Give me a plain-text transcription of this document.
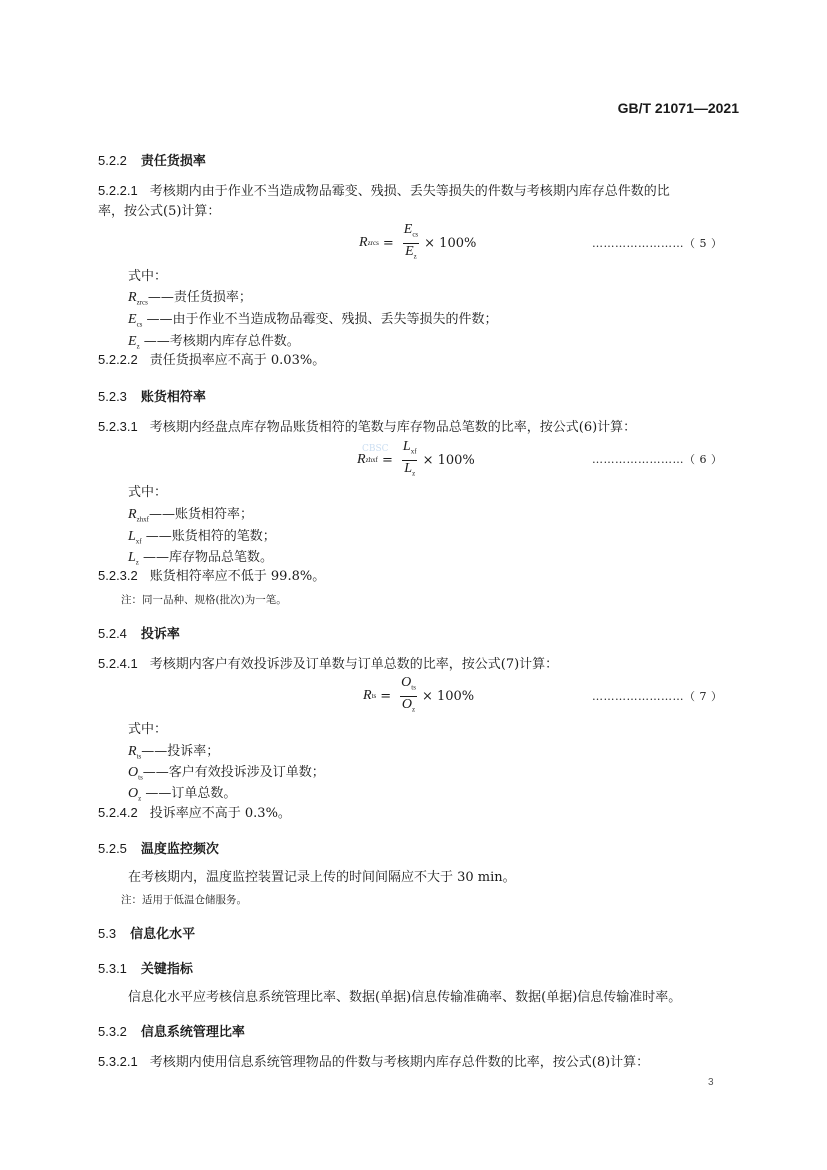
GB/T 21071—2021
5.2.2 责任货损率
5.2.2.1 考核期内由于作业不当造成物品霉变、残损、丢失等损失的件数与考核期内库存总件数的比
率，按公式(5)计算：
R zrcs = $\frac{E_{cs}}{E_z} \times 100\%$	……………………（ 5 ）
式中：
$R_{zrcs}——$责任货损率；
$E_{cs}$ ——由于作业不当造成物品霉变、残损、丢失等损失的件数；
$E_z$ ——考核期内库存总件数。
5.2.2.2 责任货损率应不高于 0.03%。
5.2.3 账货相符率
5.2.3.1 考核期内经盘点库存物品账货相符的笔数与库存物品总笔数的比率，按公式(6)计算：
R zhxf = $\frac{L_{xf}}{L_z} \times 100\%$
CBSC
……………………（ 6 ）
式中：
$R_{zhxf}——$账货相符率；
$L_{xf}$ ——账货相符的笔数；
$L_z$ ——库存物品总笔数。
5.2.3.2 账货相符率应不低于 99.8%。
注：同一品种、规格(批次)为一笔。
5.2.4 投诉率
5.2.4.1 考核期内客户有效投诉涉及订单数与订单总数的比率，按公式(7)计算：
R ts = $\frac{O_{ts}}{O_z} \times 100\%$	……………………（ 7 ）
式中：
$R_{ts}——$投诉率；
$O_{ts}——$客户有效投诉涉及订单数；
$O_z$ ——订单总数。
5.2.4.2 投诉率应不高于 0.3%。
5.2.5 温度监控频次
在考核期内，温度监控装置记录上传的时间间隔应不大于 30 min。
注：适用于低温仓储服务。
5.3 信息化水平
5.3.1 关键指标
信息化水平应考核信息系统管理比率、数据(单据)信息传输准确率、数据(单据)信息传输准时率。
5.3.2 信息系统管理比率
5.3.2.1 考核期内使用信息系统管理物品的件数与考核期内库存总件数的比率，按公式(8)计算：
3
